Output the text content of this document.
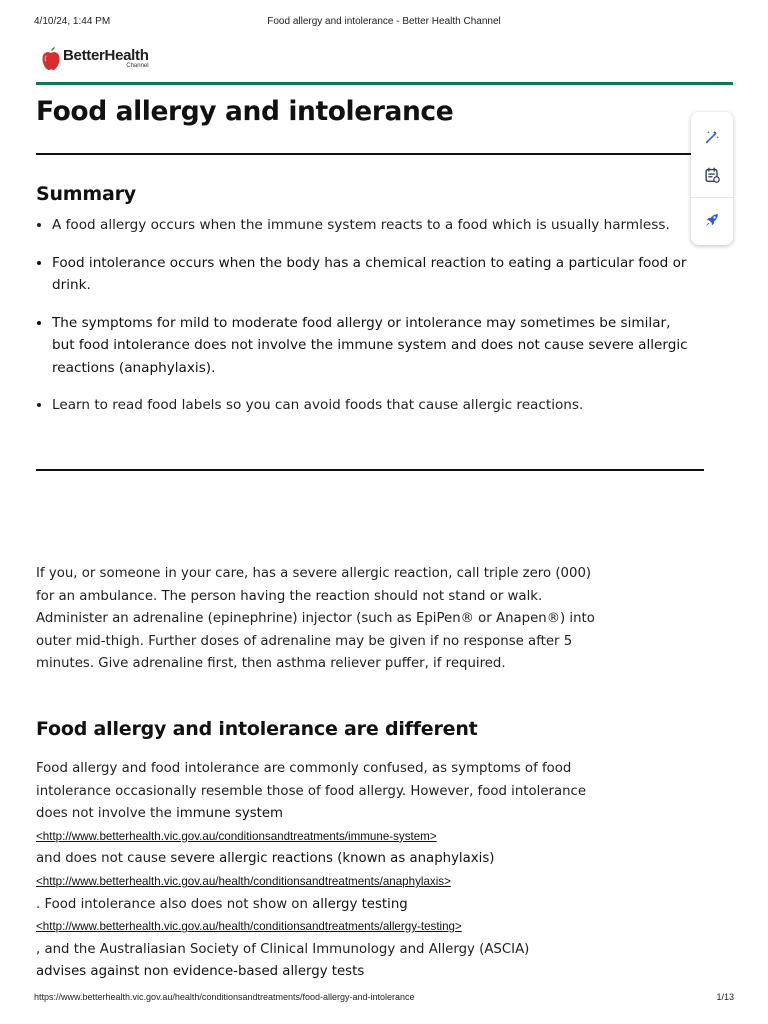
4/10/24, 1:44 PM	Food allergy and intolerance - Better Health Channel
BetterHealth
Channel
Food allergy and intolerance
Summary
• A food allergy occurs when the immune system reacts to a food which is usually harmless.
• Food intolerance occurs when the body has a chemical reaction to eating a particular food or drink.
• The symptoms for mild to moderate food allergy or intolerance may sometimes be similar, but food intolerance does not involve the immune system and does not cause severe allergic reactions (anaphylaxis).
• Learn to read food labels so you can avoid foods that cause allergic reactions.

If you, or someone in your care, has a severe allergic reaction, call triple zero (000) for an ambulance. The person having the reaction should not stand or walk. Administer an adrenaline (epinephrine) injector (such as EpiPen® or Anapen®) into outer mid-thigh. Further doses of adrenaline may be given if no response after 5 minutes. Give adrenaline first, then asthma reliever puffer, if required.

Food allergy and intolerance are different
Food allergy and food intolerance are commonly confused, as symptoms of food intolerance occasionally resemble those of food allergy. However, food intolerance does not involve the immune system
<http://www.betterhealth.vic.gov.au/conditionsandtreatments/immune-system>
and does not cause severe allergic reactions (known as anaphylaxis)
<http://www.betterhealth.vic.gov.au/health/conditionsandtreatments/anaphylaxis>
. Food intolerance also does not show on allergy testing
<http://www.betterhealth.vic.gov.au/health/conditionsandtreatments/allergy-testing>
, and the Australiasian Society of Clinical Immunology and Allergy (ASCIA)
advises against non evidence-based allergy tests
https://www.betterhealth.vic.gov.au/health/conditionsandtreatments/food-allergy-and-intolerance	1/13
